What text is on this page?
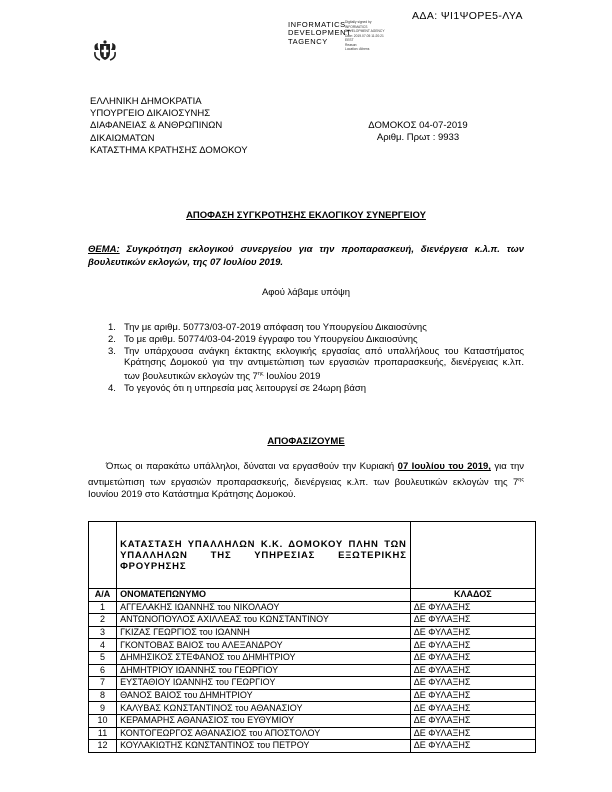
ΑΔΑ: ΨΙ1ΨΟΡΕ5-ΛΥΑ
INFORMATICS
DEVELOPMENT
TAGENCY
Digitally signed by
INFORMATICS
DEVELOPMENT AGENCY
Date: 2019.07.05 11:20:21
EEST
Reason:
Location: Athens
ΕΛΛΗΝΙΚΗ ΔΗΜΟΚΡΑΤΙΑ
ΥΠΟΥΡΓΕΙΟ ΔΙΚΑΙΟΣΥΝΗΣ
ΔΙΑΦΑΝΕΙΑΣ & ΑΝΘΡΩΠΙΝΩΝ
ΔΙΚΑΙΩΜΑΤΩΝ
ΚΑΤΑΣΤΗΜΑ ΚΡΑΤΗΣΗΣ ΔΟΜΟΚΟΥ
ΔΟΜΟΚΟΣ 04-07-2019
Αριθμ. Πρωτ : 9933
ΑΠΟΦΑΣΗ ΣΥΓΚΡΟΤΗΣΗΣ ΕΚΛΟΓΙΚΟΥ ΣΥΝΕΡΓΕΙΟΥ
ΘΕΜΑ: Συγκρότηση εκλογικού συνεργείου για την προπαρασκευή, διενέργεια κ.λ.π. των βουλευτικών εκλογών, της 07 Ιουλίου 2019.
Αφού λάβαμε υπόψη
1. Την με αριθμ. 50773/03-07-2019 απόφαση του Υπουργείου Δικαιοσύνης
2. Το με αριθμ. 50774/03-04-2019 έγγραφο του Υπουργείου Δικαιοσύνης
3. Την υπάρχουσα ανάγκη έκτακτης εκλογικής εργασίας από υπαλλήλους του Καταστήματος Κράτησης Δομοκού για την αντιμετώπιση των εργασιών προπαρασκευής, διενέργειας κ.λπ. των βουλευτικών εκλογών της $7^{\eta\varsigma}$ Ιουλίου 2019
4. Το γεγονός ότι η υπηρεσία μας λειτουργεί σε 24ωρη βάση
ΑΠΟΦΑΣΙΖΟΥΜΕ
Όπως οι παρακάτω υπάλληλοι, δύναται να εργασθούν την Κυριακή 07 Ιουλίου του 2019, για την αντιμετώπιση των εργασιών προπαρασκευής, διενέργειας κ.λπ. των βουλευτικών εκλογών της $7^{\eta\varsigma}$ Ιουνίου 2019 στο Κατάστημα Κράτησης Δομοκού.
	ΚΑΤΑΣΤΑΣΗ ΥΠΑΛΛΗΛΩΝ Κ.Κ. ΔΟΜΟΚΟΥ ΠΛΗΝ ΤΩΝ ΥΠΑΛΛΗΛΩΝ ΤΗΣ ΥΠΗΡΕΣΙΑΣ ΕΞΩΤΕΡΙΚΗΣ ΦΡΟΥΡΗΣΗΣ	
Α/Α	ΟΝΟΜΑΤΕΠΩΝΥΜΟ	ΚΛΑΔΟΣ
1	ΑΓΓΕΛΑΚΗΣ ΙΩΑΝΝΗΣ του ΝΙΚΟΛΑΟΥ	ΔΕ ΦΥΛΑΞΗΣ
2	ΑΝΤΩΝΟΠΟΥΛΟΣ ΑΧΙΛΛΕΑΣ του ΚΩΝΣΤΑΝΤΙΝΟΥ	ΔΕ ΦΥΛΑΞΗΣ
3	ΓΚΙΖΑΣ ΓΕΩΡΓΙΟΣ του ΙΩΑΝΝΗ	ΔΕ ΦΥΛΑΞΗΣ
4	ΓΚΟΝΤΟΒΑΣ ΒΑΙΟΣ του ΑΛΕΞΑΝΔΡΟΥ	ΔΕ ΦΥΛΑΞΗΣ
5	ΔΗΜΗΣΙΚΟΣ ΣΤΕΦΑΝΟΣ του ΔΗΜΗΤΡΙΟΥ	ΔΕ ΦΥΛΑΞΗΣ
6	ΔΗΜΗΤΡΙΟΥ ΙΩΑΝΝΗΣ του ΓΕΩΡΓΙΟΥ	ΔΕ ΦΥΛΑΞΗΣ
7	ΕΥΣΤΑΘΙΟΥ ΙΩΑΝΝΗΣ του ΓΕΩΡΓΙΟΥ	ΔΕ ΦΥΛΑΞΗΣ
8	ΘΑΝΟΣ ΒΑΙΟΣ του ΔΗΜΗΤΡΙΟΥ	ΔΕ ΦΥΛΑΞΗΣ
9	ΚΑΛΥΒΑΣ ΚΩΝΣΤΑΝΤΙΝΟΣ του ΑΘΑΝΑΣΙΟΥ	ΔΕ ΦΥΛΑΞΗΣ
10	ΚΕΡΑΜΑΡΗΣ ΑΘΑΝΑΣΙΟΣ του ΕΥΘΥΜΙΟΥ	ΔΕ ΦΥΛΑΞΗΣ
11	ΚΟΝΤΟΓΕΩΡΓΟΣ ΑΘΑΝΑΣΙΟΣ του ΑΠΟΣΤΟΛΟΥ	ΔΕ ΦΥΛΑΞΗΣ
12	ΚΟΥΛΑΚΙΩΤΗΣ ΚΩΝΣΤΑΝΤΙΝΟΣ του ΠΕΤΡΟΥ	ΔΕ ΦΥΛΑΞΗΣ
